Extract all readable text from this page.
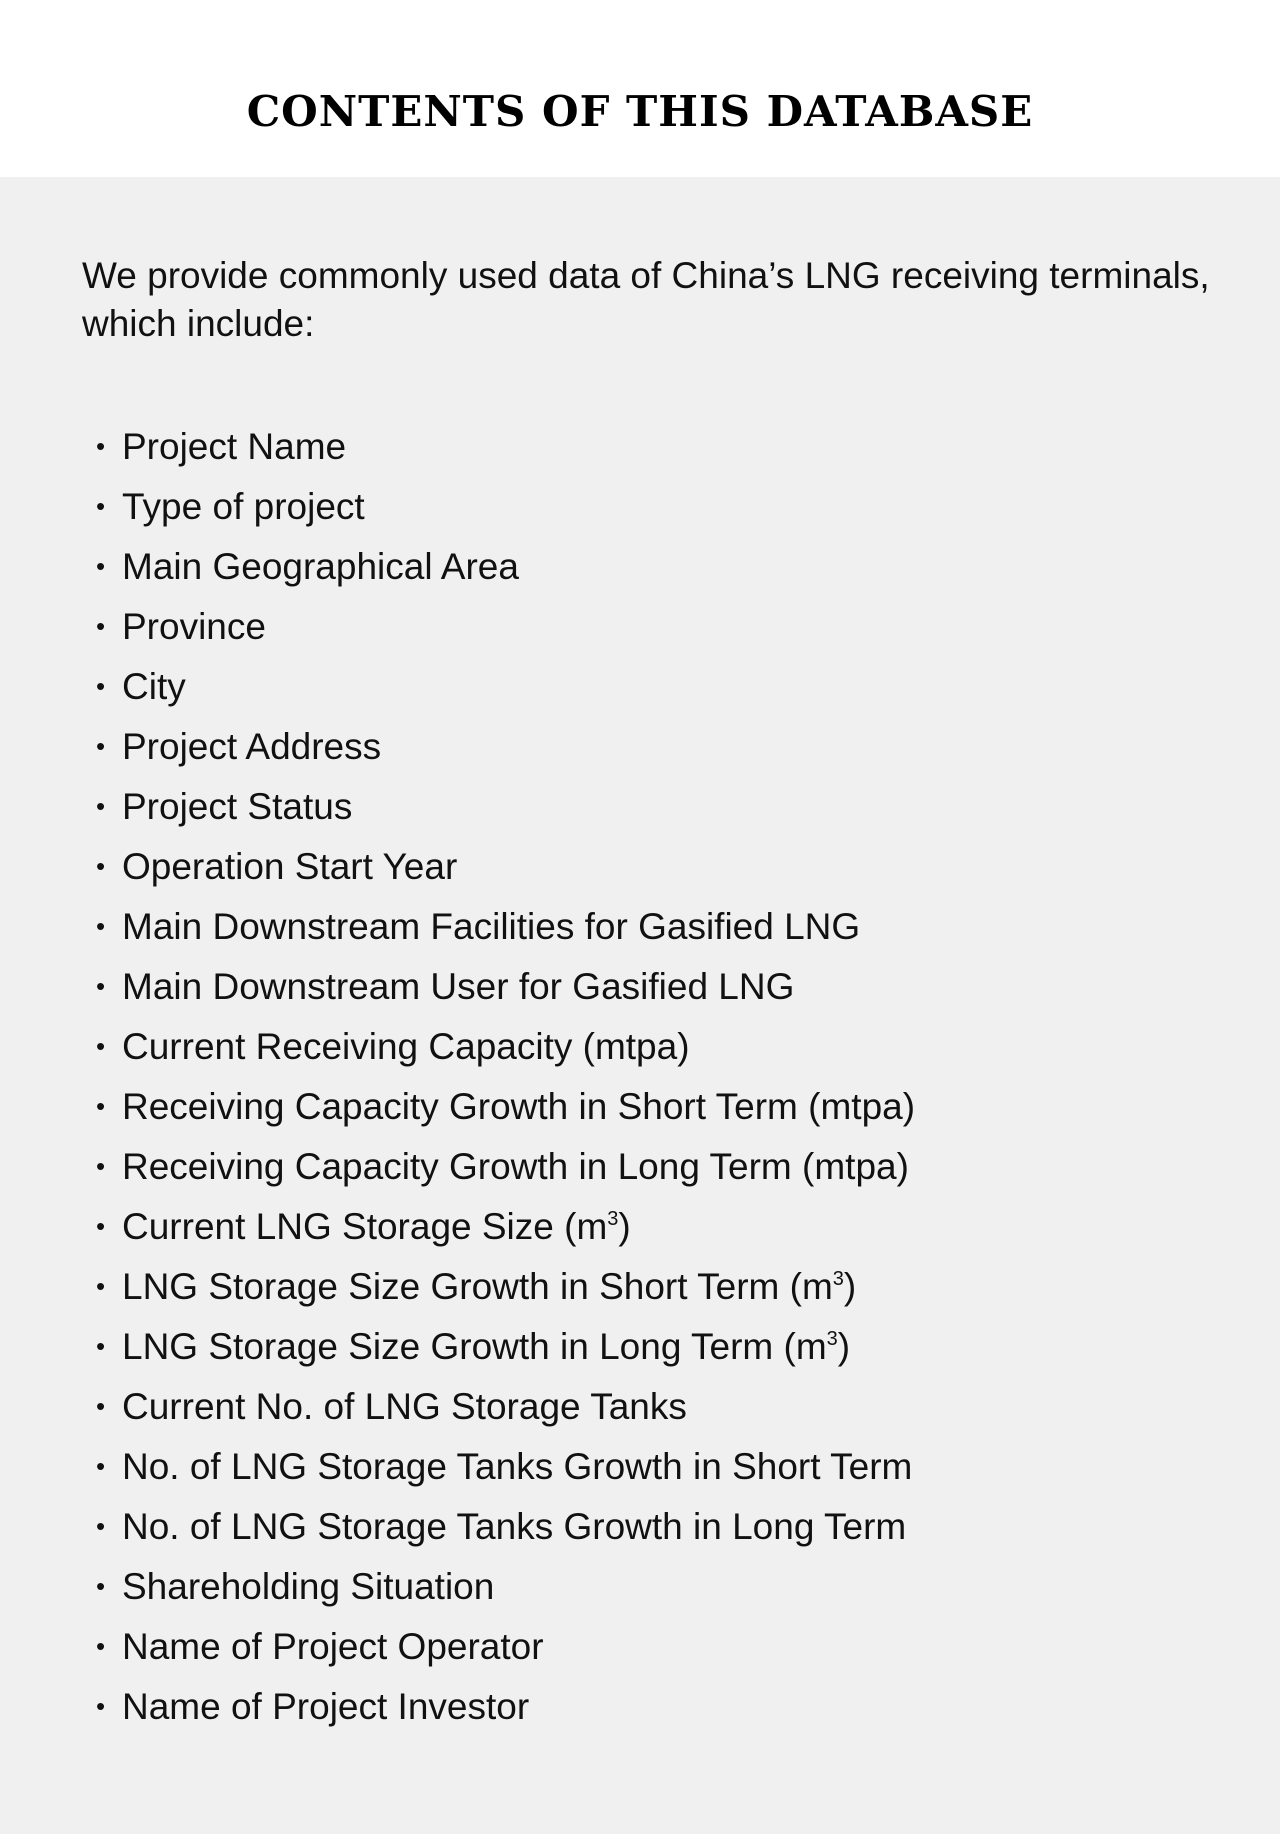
CONTENTS OF THIS DATABASE
We provide commonly used data of China’s LNG receiving terminals, which include:
• Project Name
• Type of project
• Main Geographical Area
• Province
• City
• Project Address
• Project Status
• Operation Start Year
• Main Downstream Facilities for Gasified LNG
• Main Downstream User for Gasified LNG
• Current Receiving Capacity (mtpa)
• Receiving Capacity Growth in Short Term (mtpa)
• Receiving Capacity Growth in Long Term (mtpa)
• Current LNG Storage Size $(m^3)$
• LNG Storage Size Growth in Short Term $(m^3)$
• LNG Storage Size Growth in Long Term $(m^3)$
• Current No. of LNG Storage Tanks
• No. of LNG Storage Tanks Growth in Short Term
• No. of LNG Storage Tanks Growth in Long Term
• Shareholding Situation
• Name of Project Operator
• Name of Project Investor
